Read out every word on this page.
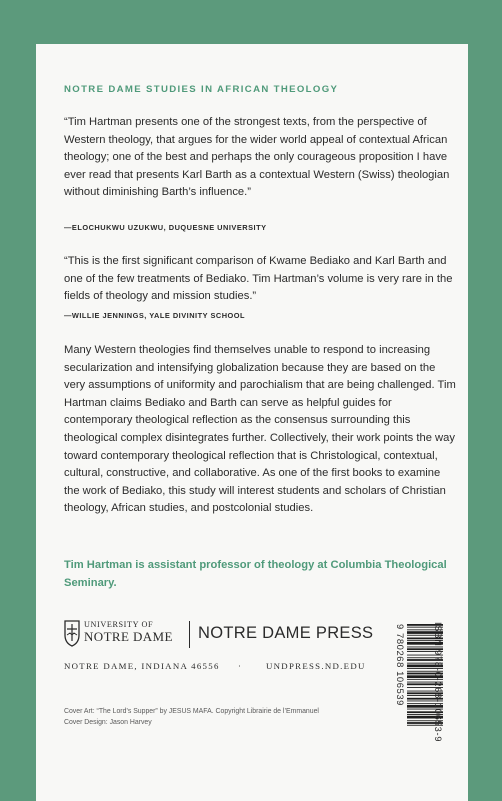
NOTRE DAME STUDIES IN AFRICAN THEOLOGY
“Tim Hartman presents one of the strongest texts, from the perspective of Western theology, that argues for the wider world appeal of contextual African theology; one of the best and perhaps the only courageous proposition I have ever read that presents Karl Barth as a contextual Western (Swiss) theologian without diminishing Barth’s influence.”
—ELOCHUKWU UZUKWU, DUQUESNE UNIVERSITY
“This is the first significant comparison of Kwame Bediako and Karl Barth and one of the few treatments of Bediako. Tim Hartman’s volume is very rare in the fields of theology and mission studies.”
—WILLIE JENNINGS, YALE DIVINITY SCHOOL
Many Western theologies find themselves unable to respond to increasing secularization and intensifying globalization because they are based on the very assumptions of uniformity and parochialism that are being challenged. Tim Hartman claims Bediako and Barth can serve as helpful guides for contemporary theological reflection as the consensus surrounding this theological complex disintegrates further. Collectively, their work points the way toward contemporary theological reflection that is Christological, contextual, cultural, constructive, and collaborative. As one of the first books to examine the work of Bediako, this study will interest students and scholars of Christian theology, African studies, and postcolonial studies.
Tim Hartman is assistant professor of theology at Columbia Theological Seminary.
UNIVERSITY OF
NOTRE DAME NOTRE DAME PRESS
NOTRE DAME, INDIANA 46556 ·	UNDPRESS.ND.EDU	9 780268 106539	ISBN 978-0-268-10653-9
Cover Art: “The Lord’s Supper” by JESUS MAFA. Copyright Librairie de l’Emmanuel
Cover Design: Jason Harvey
